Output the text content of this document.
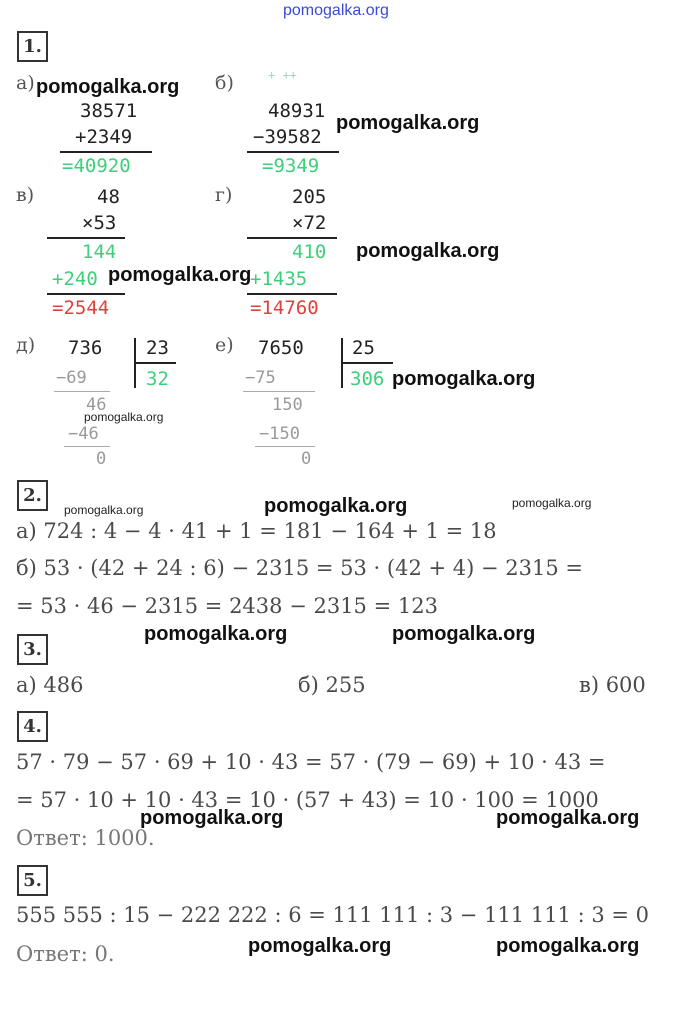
pomogalka.org
1.
а) pomogalka.org
38571
+2349
=40920
б)	+ ++
48931
−39582
pomogalka.org
=9349
в)	48
×53
144
+240 pomogalka.org
=2544
г)	205
×72
410 pomogalka.org
+1435
=14760
д) 736 23
32
−69
46
pomogalka.org
−46
0
е) 7650	25
306 pomogalka.org
−75
150
−150
0
2.
pomogalka.org	pomogalka.org	pomogalka.org
а) 724 : 4 − 4 · 41 + 1 = 181 − 164 + 1 = 18
б) 53 · (42 + 24 : 6) − 2315 = 53 · (42 + 4) − 2315 =
= 53 · 46 − 2315 = 2438 − 2315 = 123
pomogalka.org	pomogalka.org
3.
а) 486	б) 255	в) 600
4.
57 · 79 − 57 · 69 + 10 · 43 = 57 · (79 − 69) + 10 · 43 =
= 57 · 10 + 10 · 43 = 10 · (57 + 43) = 10 · 100 = 1000
pomogalka.org	pomogalka.org
Ответ: 1000.
5.
555 555 : 15 − 222 222 : 6 = 111 111 : 3 − 111 111 : 3 = 0
pomogalka.org	pomogalka.org
Ответ: 0.
